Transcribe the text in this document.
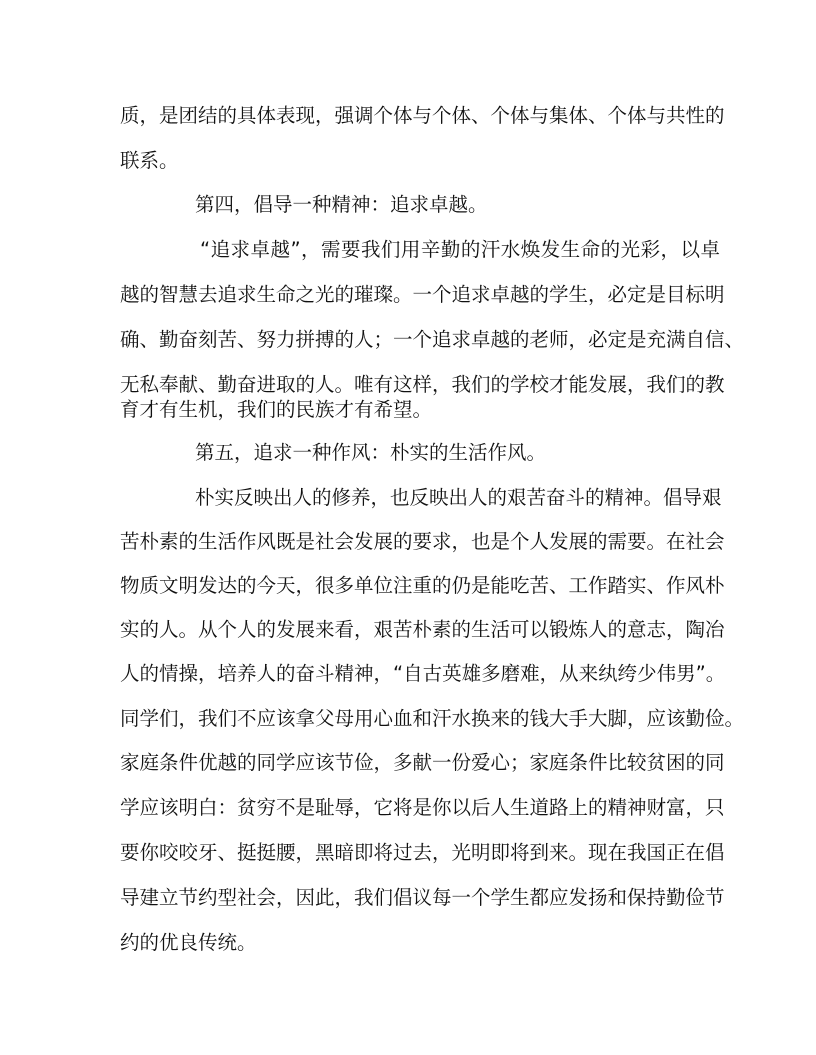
质，是团结的具体表现，强调个体与个体、个体与集体、个体与共性的
联系。
第四，倡导一种精神：追求卓越。
“追求卓越”，需要我们用辛勤的汗水焕发生命的光彩，以卓
越的智慧去追求生命之光的璀璨。一个追求卓越的学生，必定是目标明
确、勤奋刻苦、努力拼搏的人；一个追求卓越的老师，必定是充满自信、
无私奉献、勤奋进取的人。唯有这样，我们的学校才能发展，我们的教
育才有生机，我们的民族才有希望。
第五，追求一种作风：朴实的生活作风。
朴实反映出人的修养，也反映出人的艰苦奋斗的精神。倡导艰
苦朴素的生活作风既是社会发展的要求，也是个人发展的需要。在社会
物质文明发达的今天，很多单位注重的仍是能吃苦、工作踏实、作风朴
实的人。从个人的发展来看，艰苦朴素的生活可以锻炼人的意志，陶冶
人的情操，培养人的奋斗精神，“自古英雄多磨难，从来纨绔少伟男”。
同学们，我们不应该拿父母用心血和汗水换来的钱大手大脚，应该勤俭。
家庭条件优越的同学应该节俭，多献一份爱心；家庭条件比较贫困的同
学应该明白：贫穷不是耻辱，它将是你以后人生道路上的精神财富，只
要你咬咬牙、挺挺腰，黑暗即将过去，光明即将到来。现在我国正在倡
导建立节约型社会，因此，我们倡议每一个学生都应发扬和保持勤俭节
约的优良传统。
